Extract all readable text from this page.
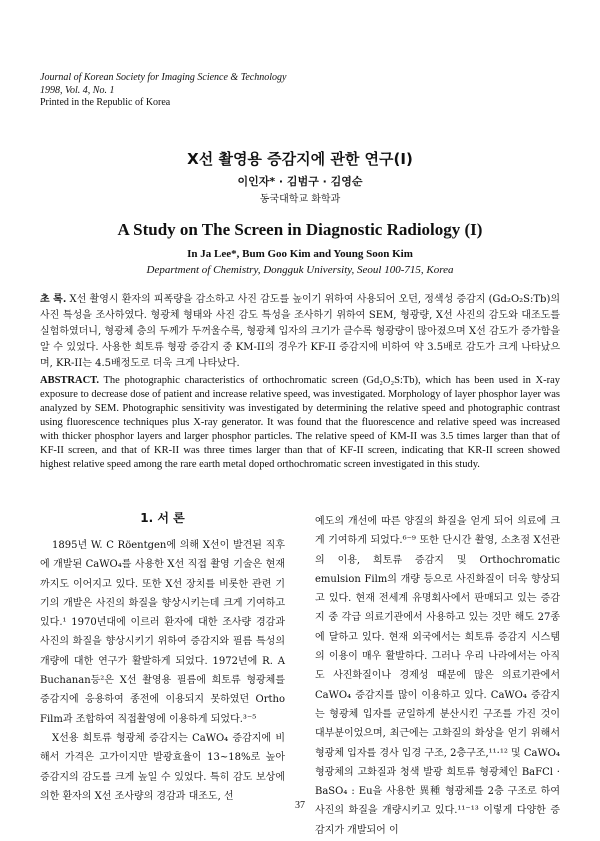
Journal of Korean Society for Imaging Science & Technology
1998, Vol. 4, No. 1
Printed in the Republic of Korea
X선 촬영용 증감지에 관한 연구(I)
이인자* · 김범구 · 김영순
동국대학교 화학과
A Study on The Screen in Diagnostic Radiology (I)
In Ja Lee*, Bum Goo Kim and Young Soon Kim
Department of Chemistry, Dongguk University, Seoul 100-715, Korea
초 록. X선 촬영시 환자의 피폭량을 감소하고 사진 감도를 높이기 위하여 사용되어 오던, 정색성 증감지 (Gd₂O₂S:Tb)의 사진 특성을 조사하였다. 형광체 형태와 사진 감도 특성을 조사하기 위하여 SEM, 형광량, X선 사진의 감도와 대조도를 실험하였더니, 형광체 층의 두께가 두꺼울수록, 형광체 입자의 크기가 클수록 형광량이 많아졌으며 X선 감도가 증가함을 알 수 있었다. 사용한 희토류 형광 증감지 중 KM-II의 경우가 KF-II 증감지에 비하여 약 3.5배로 감도가 크게 나타났으며, KR-II는 4.5배정도로 더욱 크게 나타났다.
ABSTRACT. The photographic characteristics of orthochromatic screen (Gd₂O₂S:Tb), which has been used in X-ray exposure to decrease dose of patient and increase relative speed, was investigated. Morphology of layer phosphor layer was analyzed by SEM. Photographic sensitivity was investigated by determining the relative speed and photographic contrast using fluorescence techniques plus X-ray generator. It was found that the fluorescence and relative speed was increased with thicker phosphor layers and larger phosphor particles. The relative speed of KM-II was 3.5 times larger than that of KF-II screen, and that of KR-II was three times larger than that of KF-II screen, indicating that KR-II screen showed highest relative speed among the rare earth metal doped orthochromatic screen investigated in this study.
1. 서 론

1895년 W. C Röentgen에 의해 X선이 발견된 직후에 개발된 CaWO₄를 사용한 X선 직접 촬영 기술은 현재까지도 이어지고 있다. 또한 X선 장치를 비롯한 관련 기기의 개발은 사진의 화질을 향상시키는데 크게 기여하고 있다.¹ 1970년대에 이르러 환자에 대한 조사량 경감과 사진의 화질을 향상시키기 위하여 증감지와 필름 특성의 개량에 대한 연구가 활발하게 되었다. 1972년에 R. A Buchanan등²은 X선 촬영용 필름에 희토류 형광체를 증감지에 응용하여 종전에 이용되지 못하였던 Ortho Film과 조합하여 직접촬영에 이용하게 되었다.³⁻⁵

X선용 희토류 형광체 증감지는 CaWO₄ 증감지에 비해서 가격은 고가이지만 발광효율이 13~18%로 높아 증감지의 감도를 크게 높일 수 있었다. 특히 감도 보상에 의한 환자의 X선 조사량의 경감과 대조도, 선

예도의 개선에 따른 양질의 화질을 얻게 되어 의료에 크게 기여하게 되었다.⁶⁻⁹ 또한 단시간 촬영, 소초점 X선관의 이용, 희토류 증감지 및 Orthochromatic emulsion Film의 개량 등으로 사진화질이 더욱 향상되고 있다. 현재 전세계 유명회사에서 판매되고 있는 증감지 중 각급 의료기관에서 사용하고 있는 것만 해도 27종에 달하고 있다. 현재 외국에서는 희토류 증감지 시스템의 이용이 매우 활발하다. 그러나 우리 나라에서는 아직도 사진화질이나 경제성 때문에 많은 의료기관에서 CaWO₄ 증감지를 많이 이용하고 있다. CaWO₄ 증감지는 형광체 입자를 균일하게 분산시킨 구조를 가진 것이 대부분이었으며, 최근에는 고화질의 화상을 얻기 위해서 형광체 입자를 경사 입경 구조, 2층구조,¹¹·¹² 및 CaWO₄ 형광체의 고화질과 청색 발광 희토류 형광체인 BaFCl · BaSO₄ : Eu을 사용한 異種 형광체를 2층 구조로 하여 사진의 화질을 개량시키고 있다.¹¹⁻¹³ 이렇게 다양한 증감지가 개발되어 이

37
